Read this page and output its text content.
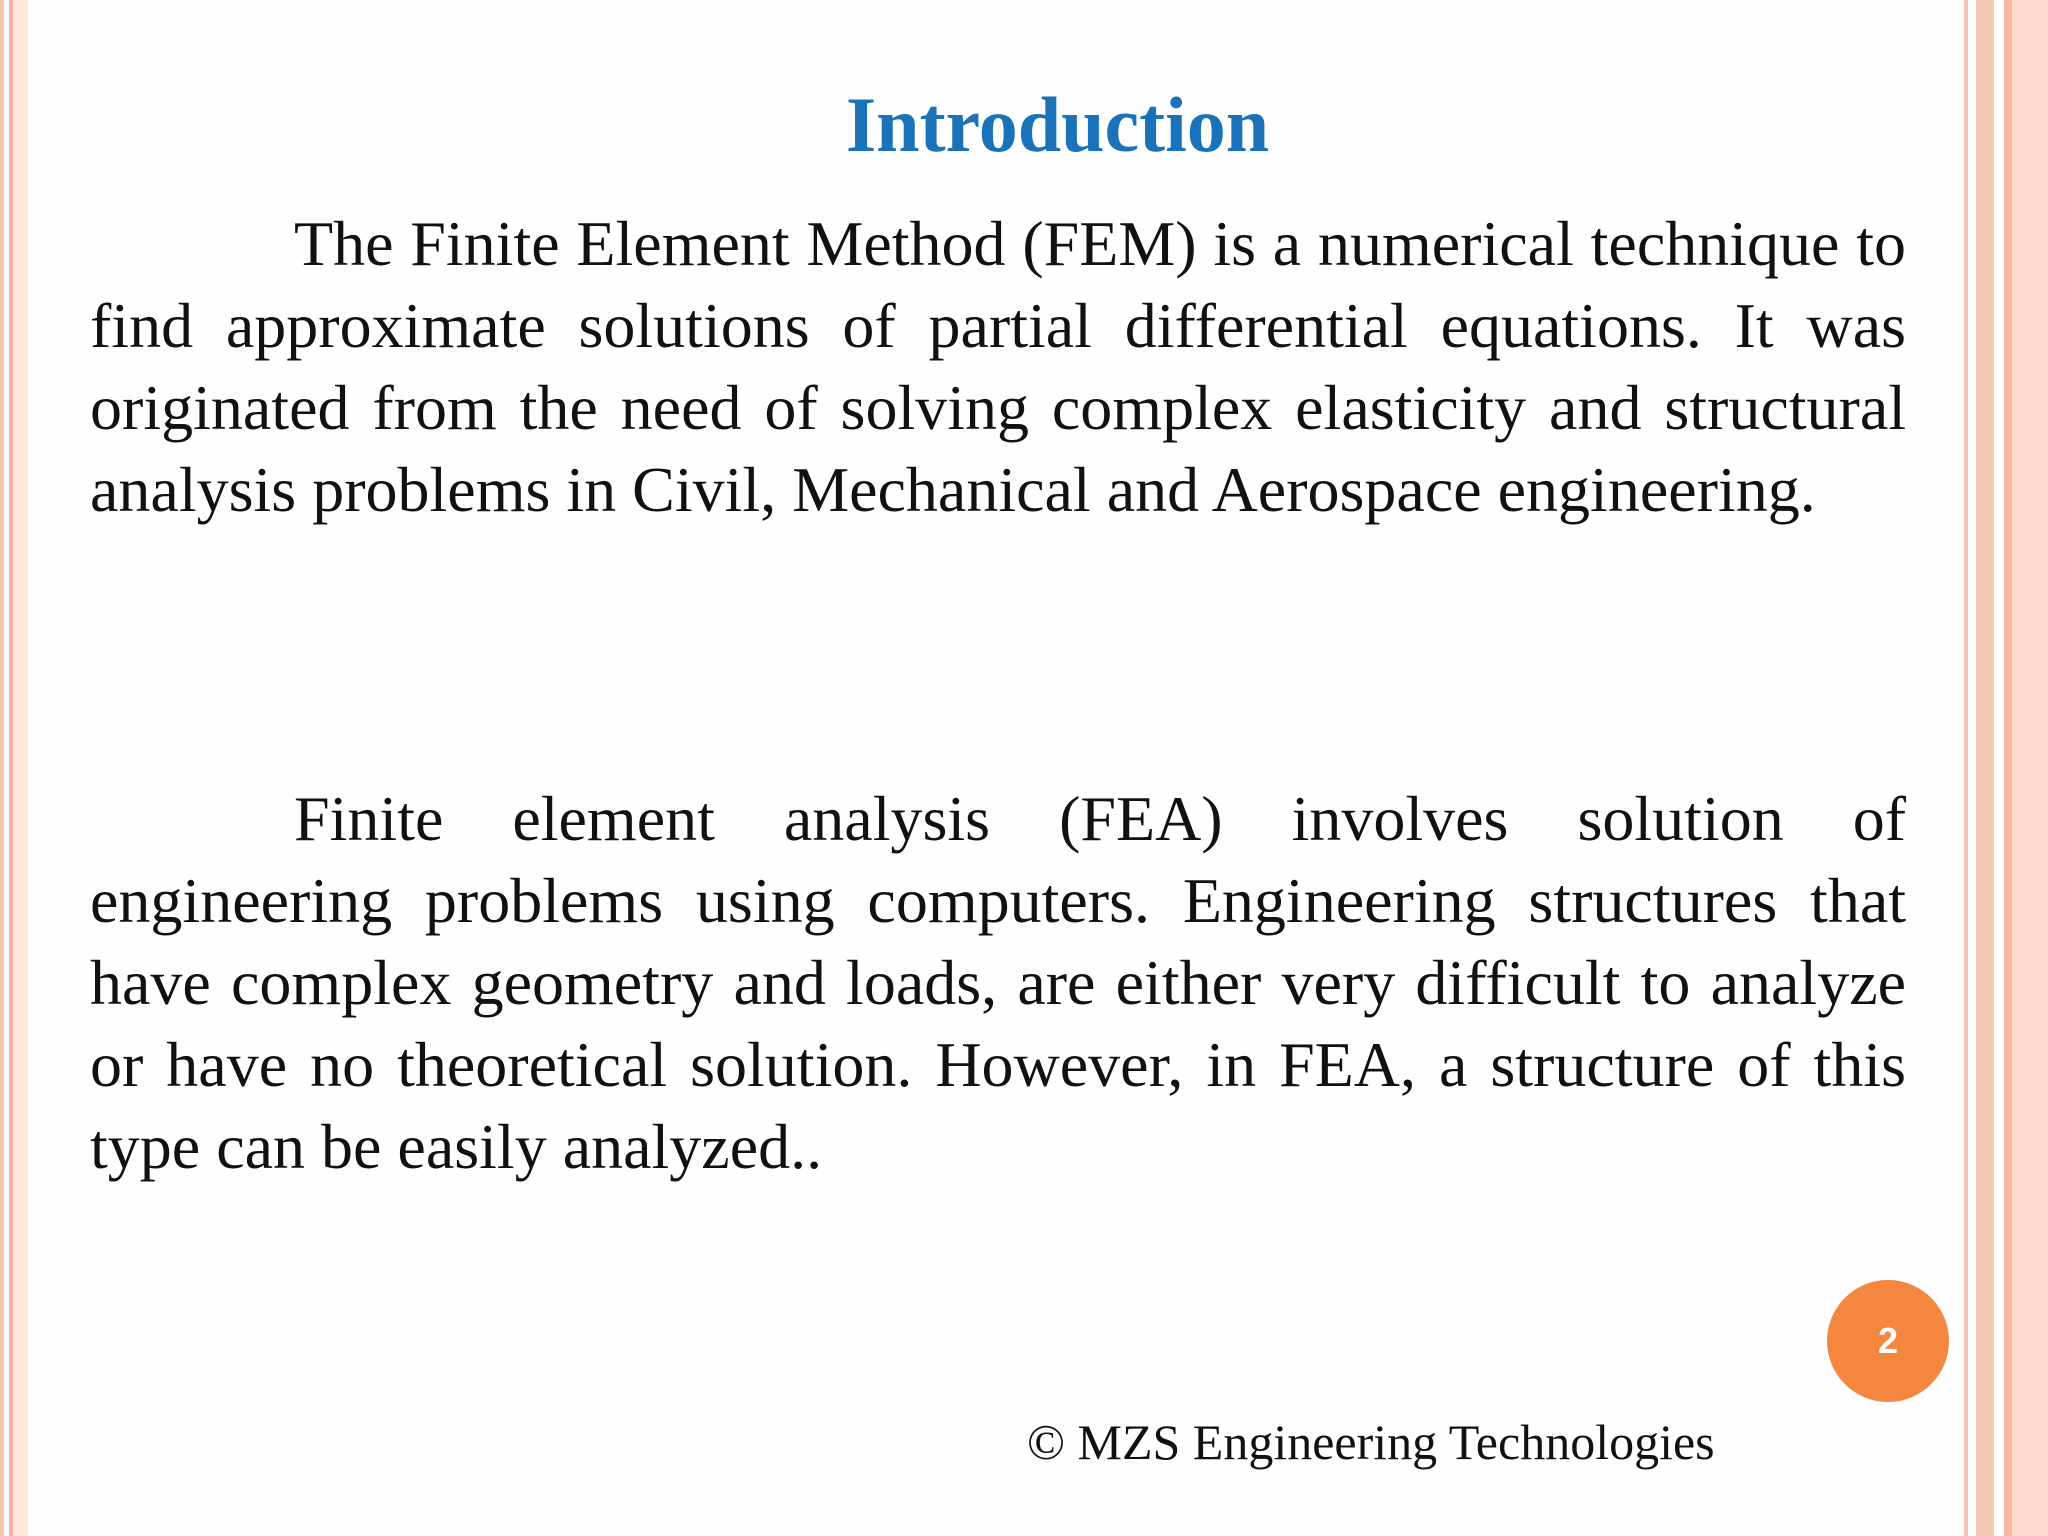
Introduction

The Finite Element Method (FEM) is a numerical technique to find approximate solutions of partial differential equations. It was originated from the need of solving complex elasticity and structural analysis problems in Civil, Mechanical and Aerospace engineering.

Finite element analysis (FEA) involves solution of engineering problems using computers. Engineering structures that have complex geometry and loads, are either very difficult to analyze or have no theoretical solution. However, in FEA, a structure of this type can be easily analyzed..

2
© MZS Engineering Technologies
